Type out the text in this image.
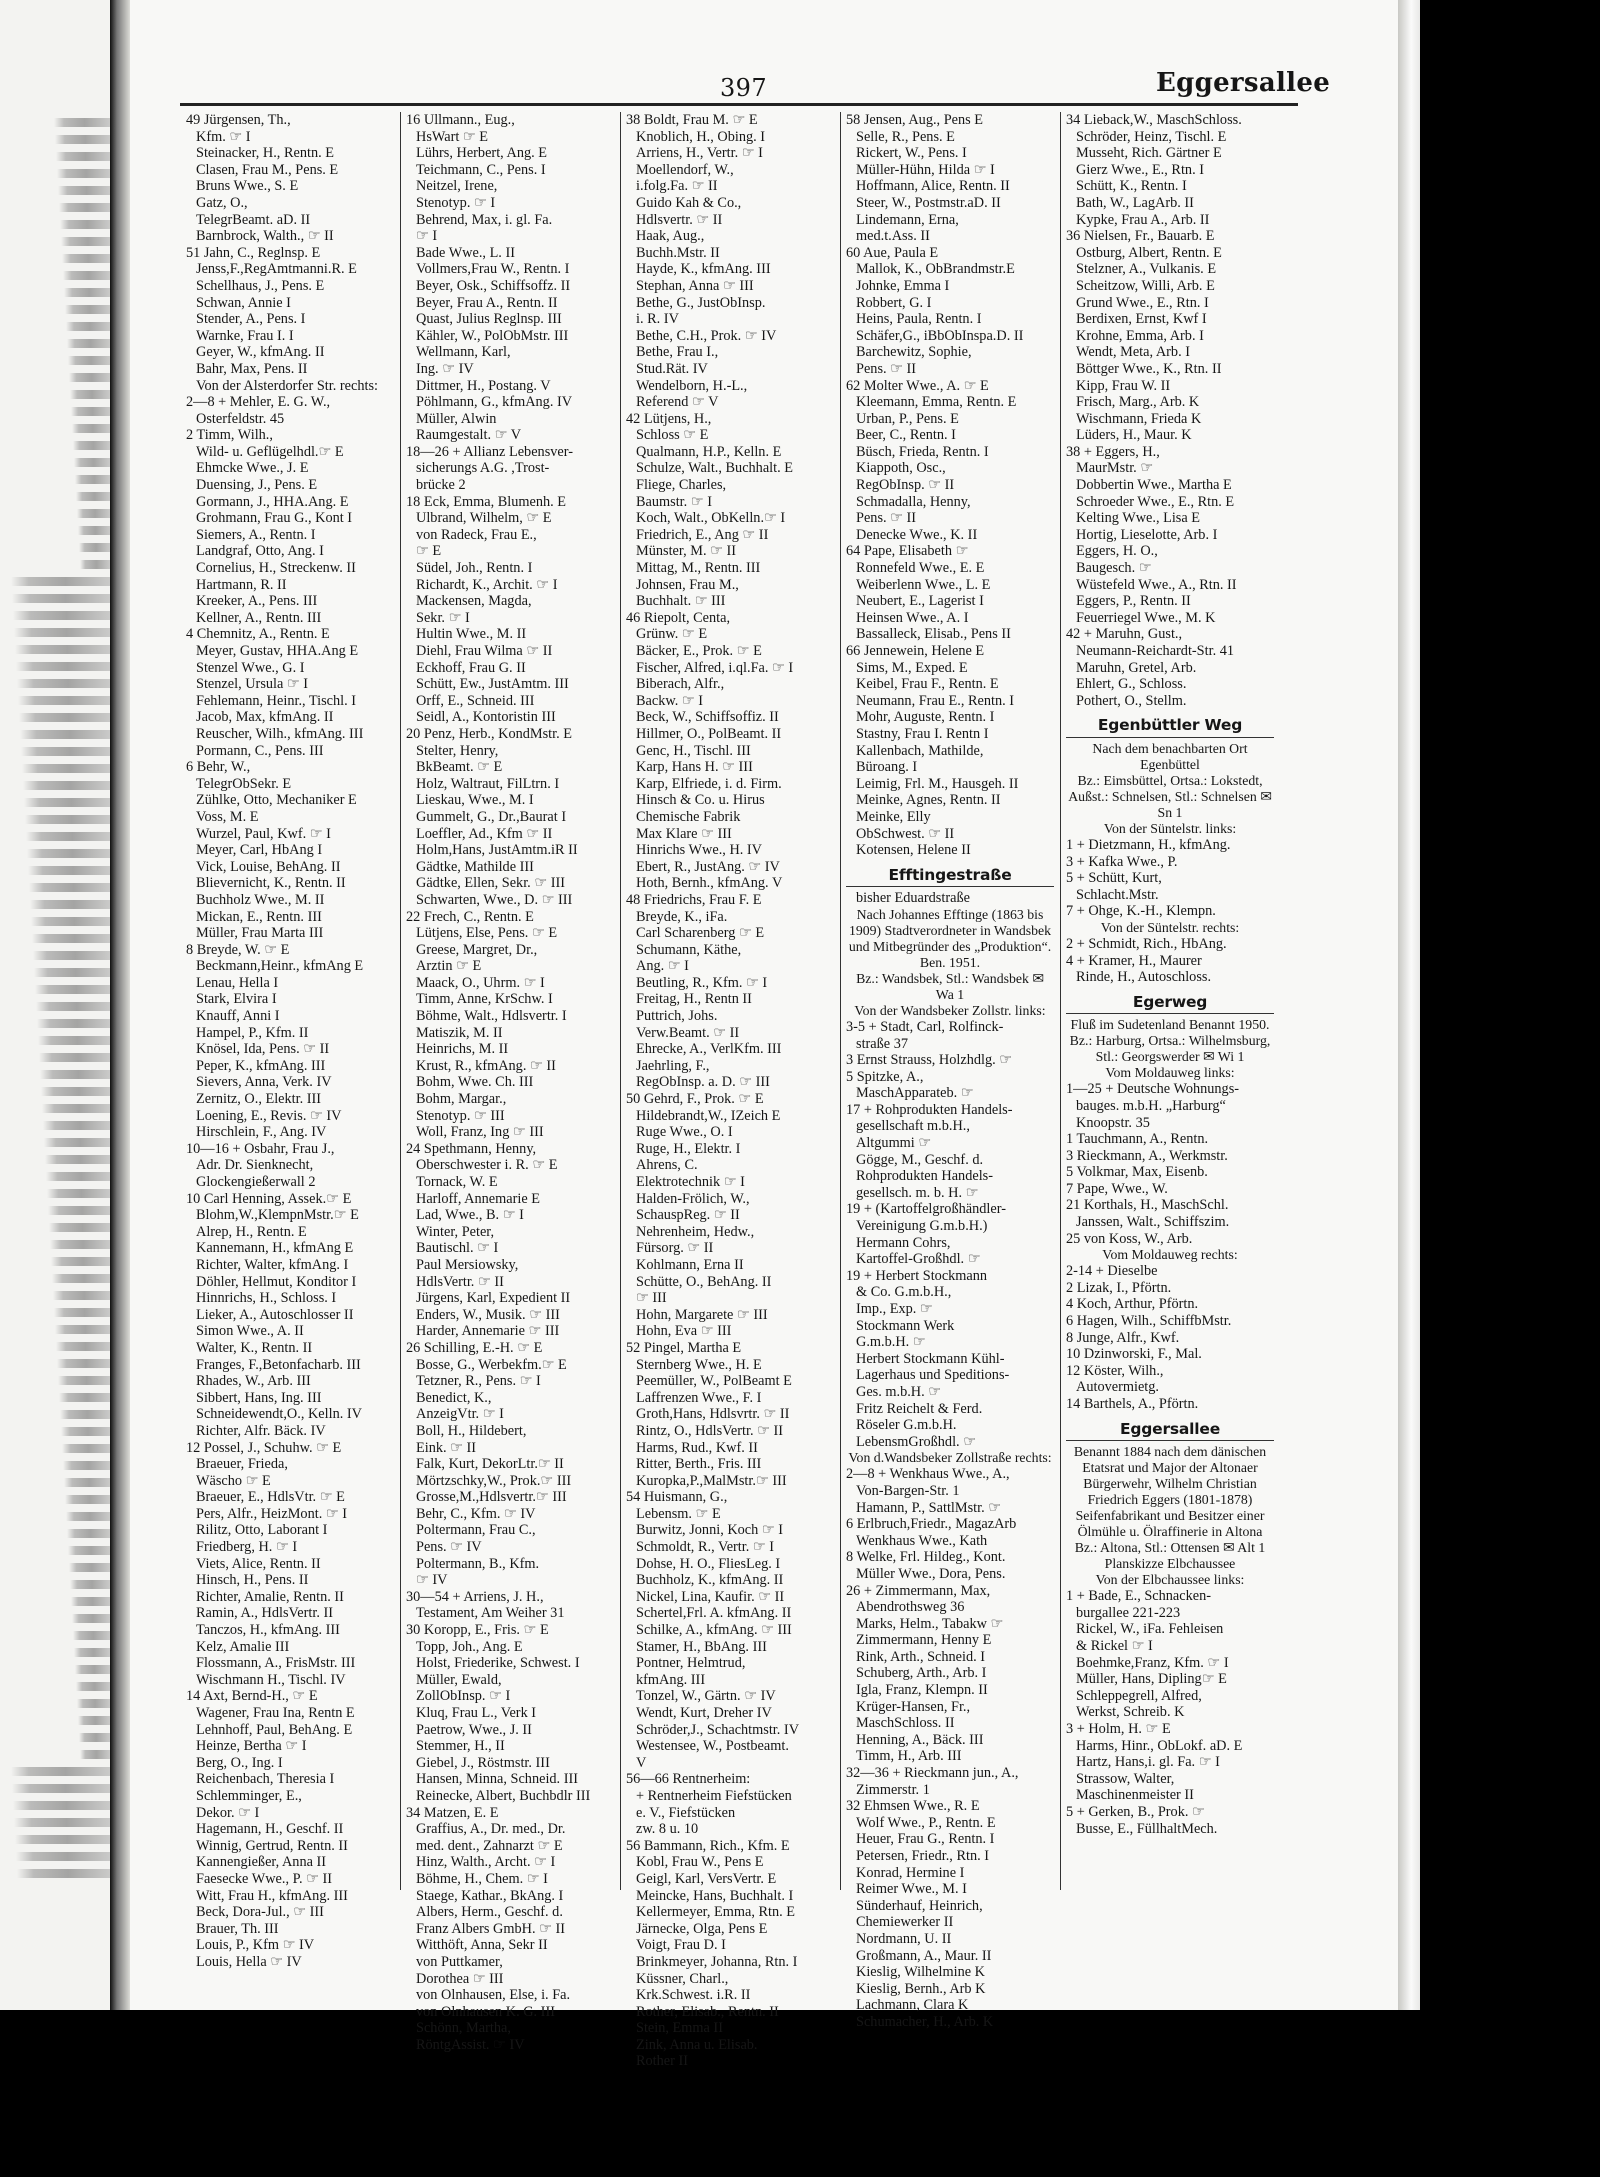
397	Eggersallee
49 Jürgensen, Th.,
Kfm. ☞ I
Steinacker, H., Rentn. E
Clasen, Frau M., Pens. E
Bruns Wwe., S. E
Gatz, O.,
TelegrBeamt. aD. II
Barnbrock, Walth., ☞ II
51 Jahn, C., Reglnsp. E
Jenss,F.,RegAmtmanni.R. E
Schellhaus, J., Pens. E
Schwan, Annie I
Stender, A., Pens. I
Warnke, Frau I. I
Geyer, W., kfmAng. II
Bahr, Max, Pens. II
Von der Alsterdorfer Str. rechts:
2—8 + Mehler, E. G. W.,
Osterfeldstr. 45
2 Timm, Wilh.,
Wild- u. Geflügelhdl.☞ E
Ehmcke Wwe., J. E
Duensing, J., Pens. E
Gormann, J., HHA.Ang. E
Grohmann, Frau G., Kont I
Siemers, A., Rentn. I
Landgraf, Otto, Ang. I
Cornelius, H., Streckenw. II
Hartmann, R. II
Kreeker, A., Pens. III
Kellner, A., Rentn. III
4 Chemnitz, A., Rentn. E
Meyer, Gustav, HHA.Ang E
Stenzel Wwe., G. I
Stenzel, Ursula ☞ I
Fehlemann, Heinr., Tischl. I
Jacob, Max, kfmAng. II
Reuscher, Wilh., kfmAng. III
Pormann, C., Pens. III
6 Behr, W.,
TelegrObSekr. E
Zühlke, Otto, Mechaniker E
Voss, M. E
Wurzel, Paul, Kwf. ☞ I
Meyer, Carl, HbAng I
Vick, Louise, BehAng. II
Blievernicht, K., Rentn. II
Buchholz Wwe., M. II
Mickan, E., Rentn. III
Müller, Frau Marta III
8 Breyde, W. ☞ E
Beckmann,Heinr., kfmAng E
Lenau, Hella I
Stark, Elvira I
Knauff, Anni I
Hampel, P., Kfm. II
Knösel, Ida, Pens. ☞ II
Peper, K., kfmAng. III
Sievers, Anna, Verk. IV
Zernitz, O., Elektr. III
Loening, E., Revis. ☞ IV
Hirschlein, F., Ang. IV
10—16 + Osbahr, Frau J.,
Adr. Dr. Sienknecht,
Glockengießerwall 2
10 Carl Henning, Assek.☞ E
Blohm,W.,KlempnMstr.☞ E
Alrep, H., Rentn. E
Kannemann, H., kfmAng E
Richter, Walter, kfmAng. I
Döhler, Hellmut, Konditor I
Hinnrichs, H., Schloss. I
Lieker, A., Autoschlosser II
Simon Wwe., A. II
Walter, K., Rentn. II
Franges, F.,Betonfacharb. III
Rhades, W., Arb. III
Sibbert, Hans, Ing. III
Schneidewendt,O., Kelln. IV
Richter, Alfr. Bäck. IV
12 Possel, J., Schuhw. ☞ E
Braeuer, Frieda,
Wäscho ☞ E
Braeuer, E., HdlsVtr. ☞ E
Pers, Alfr., HeizMont. ☞ I
Rilitz, Otto, Laborant I
Friedberg, H. ☞ I
Viets, Alice, Rentn. II
Hinsch, H., Pens. II
Richter, Amalie, Rentn. II
Ramin, A., HdlsVertr. II
Tanczos, H., kfmAng. III
Kelz, Amalie III
Flossmann, A., FrisMstr. III
Wischmann H., Tischl. IV
14 Axt, Bernd-H., ☞ E
Wagener, Frau Ina, Rentn E
Lehnhoff, Paul, BehAng. E
Heinze, Bertha ☞ I
Berg, O., Ing. I
Reichenbach, Theresia I
Schlemminger, E.,
Dekor. ☞ I
Hagemann, H., Geschf. II
Winnig, Gertrud, Rentn. II
Kannengießer, Anna II
Faesecke Wwe., P. ☞ II
Witt, Frau H., kfmAng. III
Beck, Dora-Jul., ☞ III
Brauer, Th. III
Louis, P., Kfm ☞ IV
Louis, Hella ☞ IV
16 Ullmann., Eug.,
HsWart ☞ E
Lührs, Herbert, Ang. E
Teichmann, C., Pens. I
Neitzel, Irene,
Stenotyp. ☞ I
Behrend, Max, i. gl. Fa.
☞ I
Bade Wwe., L. II
Vollmers,Frau W., Rentn. I
Beyer, Osk., Schiffsoffz. II
Beyer, Frau A., Rentn. II
Quast, Julius Reglnsp. III
Kähler, W., PolObMstr. III
Wellmann, Karl,
Ing. ☞ IV
Dittmer, H., Postang. V
Pöhlmann, G., kfmAng. IV
Müller, Alwin
Raumgestalt. ☞ V
18—26 + Allianz Lebensver-
sicherungs A.G. ,Trost-
brücke 2
18 Eck, Emma, Blumenh. E
Ulbrand, Wilhelm, ☞ E
von Radeck, Frau E.,
☞ E
Südel, Joh., Rentn. I
Richardt, K., Archit. ☞ I
Mackensen, Magda,
Sekr. ☞ I
Hultin Wwe., M. II
Diehl, Frau Wilma ☞ II
Eckhoff, Frau G. II
Schütt, Ew., JustAmtm. III
Orff, E., Schneid. III
Seidl, A., Kontoristin III
20 Penz, Herb., KondMstr. E
Stelter, Henry,
BkBeamt. ☞ E
Holz, Waltraut, FilLtrn. I
Lieskau, Wwe., M. I
Gummelt, G., Dr.,Baurat I
Loeffler, Ad., Kfm ☞ II
Holm,Hans, JustAmtm.iR II
Gädtke, Mathilde III
Gädtke, Ellen, Sekr. ☞ III
Schwarten, Wwe., D. ☞ III
22 Frech, C., Rentn. E
Lütjens, Else, Pens. ☞ E
Greese, Margret, Dr.,
Arztin ☞ E
Maack, O., Uhrm. ☞ I
Timm, Anne, KrSchw. I
Böhme, Walt., Hdlsvertr. I
Matiszik, M. II
Heinrichs, M. II
Krust, R., kfmAng. ☞ II
Bohm, Wwe. Ch. III
Bohm, Margar.,
Stenotyp. ☞ III
Woll, Franz, Ing ☞ III
24 Spethmann, Henny,
Oberschwester i. R. ☞ E
Tornack, W. E
Harloff, Annemarie E
Lad, Wwe., B. ☞ I
Winter, Peter,
Bautischl. ☞ I
Paul Mersiowsky,
HdlsVertr. ☞ II
Jürgens, Karl, Expedient II
Enders, W., Musik. ☞ III
Harder, Annemarie ☞ III
26 Schilling, E.-H. ☞ E
Bosse, G., Werbekfm.☞ E
Tetzner, R., Pens. ☞ I
Benedict, K.,
AnzeigVtr. ☞ I
Boll, H., Hildebert,
Eink. ☞ II
Falk, Kurt, DekorLtr.☞ II
Mörtzschky,W., Prok.☞ III
Grosse,M.,Hdlsvertr.☞ III
Behr, C., Kfm. ☞ IV
Poltermann, Frau C.,
Pens. ☞ IV
Poltermann, B., Kfm.
☞ IV
30—54 + Arriens, J. H.,
Testament, Am Weiher 31
30 Koropp, E., Fris. ☞ E
Topp, Joh., Ang. E
Holst, Friederike, Schwest. I
Müller, Ewald,
ZollObInsp. ☞ I
Kluq, Frau L., Verk I
Paetrow, Wwe., J. II
Stemmer, H., II
Giebel, J., Röstmstr. III
Hansen, Minna, Schneid. III
Reinecke, Albert, Buchbdlr III
34 Matzen, E. E
Graffius, A., Dr. med., Dr.
med. dent., Zahnarzt ☞ E
Hinz, Walth., Archt. ☞ I
Böhme, H., Chem. ☞ I
Staege, Kathar., BkAng. I
Albers, Herm., Geschf. d.
Franz Albers GmbH. ☞ II
Witthöft, Anna, Sekr II
von Puttkamer,
Dorothea ☞ III
von Olnhausen, Else, i. Fa.
von Olnhausen K. G. III
Schönn, Martha,
RöntgAssist. ☞ IV
38 Boldt, Frau M. ☞ E
Knoblich, H., Obing. I
Arriens, H., Vertr. ☞ I
Moellendorf, W.,
i.folg.Fa. ☞ II
Guido Kah & Co.,
Hdlsvertr. ☞ II
Haak, Aug.,
Buchh.Mstr. II
Hayde, K., kfmAng. III
Stephan, Anna ☞ III
Bethe, G., JustObInsp.
i. R. IV
Bethe, C.H., Prok. ☞ IV
Bethe, Frau I.,
Stud.Rät. IV
Wendelborn, H.-L.,
Referend ☞ V
42 Lütjens, H.,
Schloss ☞ E
Qualmann, H.P., Kelln. E
Schulze, Walt., Buchhalt. E
Fliege, Charles,
Baumstr. ☞ I
Koch, Walt., ObKelln.☞ I
Friedrich, E., Ang ☞ II
Münster, M. ☞ II
Mittag, M., Rentn. III
Johnsen, Frau M.,
Buchhalt. ☞ III
46 Riepolt, Centa,
Grünw. ☞ E
Bäcker, E., Prok. ☞ E
Fischer, Alfred, i.ql.Fa. ☞ I
Biberach, Alfr.,
Backw. ☞ I
Beck, W., Schiffsoffiz. II
Hillmer, O., PolBeamt. II
Genc, H., Tischl. III
Karp, Hans H. ☞ III
Karp, Elfriede, i. d. Firm.
Hinsch & Co. u. Hirus
Chemische Fabrik
Max Klare ☞ III
Hinrichs Wwe., H. IV
Ebert, R., JustAng. ☞ IV
Hoth, Bernh., kfmAng. V
48 Friedrichs, Frau F. E
Breyde, K., iFa.
Carl Scharenberg ☞ E
Schumann, Käthe,
Ang. ☞ I
Beutling, R., Kfm. ☞ I
Freitag, H., Rentn II
Puttrich, Johs.
Verw.Beamt. ☞ II
Ehrecke, A., VerlKfm. III
Jaehrling, F.,
RegObInsp. a. D. ☞ III
50 Gehrd, F., Prok. ☞ E
Hildebrandt,W., IZeich E
Ruge Wwe., O. I
Ruge, H., Elektr. I
Ahrens, C.
Elektrotechnik ☞ I
Halden-Frölich, W.,
SchauspReg. ☞ II
Nehrenheim, Hedw.,
Fürsorg. ☞ II
Kohlmann, Erna II
Schütte, O., BehAng. II
☞ III
Hohn, Margarete ☞ III
Hohn, Eva ☞ III
52 Pingel, Martha E
Sternberg Wwe., H. E
Peemüller, W., PolBeamt E
Laffrenzen Wwe., F. I
Groth,Hans, Hdlsvrtr. ☞ II
Rintz, O., HdlsVertr. ☞ II
Harms, Rud., Kwf. II
Ritter, Berth., Fris. III
Kuropka,P.,MalMstr.☞ III
54 Huismann, G.,
Lebensm. ☞ E
Burwitz, Jonni, Koch ☞ I
Schmoldt, R., Vertr. ☞ I
Dohse, H. O., FliesLeg. I
Buchholz, K., kfmAng. II
Nickel, Lina, Kaufir. ☞ II
Schertel,Frl. A. kfmAng. II
Schilke, A., kfmAng. ☞ III
Stamer, H., BbAng. III
Pontner, Helmtrud,
kfmAng. III
Tonzel, W., Gärtn. ☞ IV
Wendt, Kurt, Dreher IV
Schröder,J., Schachtmstr. IV
Westensee, W., Postbeamt.
V
56—66 Rentnerheim:
+ Rentnerheim Fiefstücken
e. V., Fiefstücken
zw. 8 u. 10
56 Bammann, Rich., Kfm. E
Kobl, Frau W., Pens E
Geigl, Karl, VersVertr. E
Meincke, Hans, Buchhalt. I
Kellermeyer, Emma, Rtn. E
Järnecke, Olga, Pens E
Voigt, Frau D. I
Brinkmeyer, Johanna, Rtn. I
Küssner, Charl.,
Krk.Schwest. i.R. II
Rother, Elisab., Rentn. II
Stein, Emma II
Zink, Anna u. Elisab.
Rother II
58 Jensen, Aug., Pens E
Selle, R., Pens. E
Rickert, W., Pens. I
Müller-Hühn, Hilda ☞ I
Hoffmann, Alice, Rentn. II
Steer, W., Postmstr.aD. II
Lindemann, Erna,
med.t.Ass. II
60 Aue, Paula E
Mallok, K., ObBrandmstr.E
Johnke, Emma I
Robbert, G. I
Heins, Paula, Rentn. I
Schäfer,G., iBbObInspa.D. II
Barchewitz, Sophie,
Pens. ☞ II
62 Molter Wwe., A. ☞ E
Kleemann, Emma, Rentn. E
Urban, P., Pens. E
Beer, C., Rentn. I
Büsch, Frieda, Rentn. I
Kiappoth, Osc.,
RegObInsp. ☞ II
Schmadalla, Henny,
Pens. ☞ II
Denecke Wwe., K. II
64 Pape, Elisabeth ☞
Ronnefeld Wwe., E. E
Weiberlenn Wwe., L. E
Neubert, E., Lagerist I
Heinsen Wwe., A. I
Bassalleck, Elisab., Pens II
66 Jennewein, Helene E
Sims, M., Exped. E
Keibel, Frau F., Rentn. E
Neumann, Frau E., Rentn. I
Mohr, Auguste, Rentn. I
Stastny, Frau I. Rentn I
Kallenbach, Mathilde,
Büroang. I
Leimig, Frl. M., Hausgeh. II
Meinke, Agnes, Rentn. II
Meinke, Elly
ObSchwest. ☞ II
Kotensen, Helene II
Efftingestraße
bisher Eduardstraße
Nach Johannes Efftinge (1863 bis 1909) Stadtverordneter in Wandsbek und Mitbegründer des „Produktion“. Ben. 1951.
Bz.: Wandsbek, Stl.: Wandsbek ✉ Wa 1
Von der Wandsbeker Zollstr. links:
3-5 + Stadt, Carl, Rolfinck-
straße 37
3 Ernst Strauss, Holzhdlg. ☞
5 Spitzke, A.,
MaschApparateb. ☞
17 + Rohprodukten Handels-
gesellschaft m.b.H.,
Altgummi ☞
Gögge, M., Geschf. d.
Rohprodukten Handels-
gesellsch. m. b. H. ☞
19 + (Kartoffelgroßhändler-
Vereinigung G.m.b.H.)
Hermann Cohrs,
Kartoffel-Großhdl. ☞
19 + Herbert Stockmann
& Co. G.m.b.H.,
Imp., Exp. ☞
Stockmann Werk
G.m.b.H. ☞
Herbert Stockmann Kühl-
Lagerhaus und Speditions-
Ges. m.b.H. ☞
Fritz Reichelt & Ferd.
Röseler G.m.b.H.
LebensmGroßhdl. ☞
Von d.Wandsbeker Zollstraße rechts:
2—8 + Wenkhaus Wwe., A.,
Von-Bargen-Str. 1
Hamann, P., SattlMstr. ☞
6 Erlbruch,Friedr., MagazArb
Wenkhaus Wwe., Kath
8 Welke, Frl. Hildeg., Kont.
Müller Wwe., Dora, Pens.
26 + Zimmermann, Max,
Abendrothsweg 36
Marks, Helm., Tabakw ☞
Zimmermann, Henny E
Rink, Arth., Schneid. I
Schuberg, Arth., Arb. I
Igla, Franz, Klempn. II
Krüger-Hansen, Fr.,
MaschSchloss. II
Henning, A., Bäck. III
Timm, H., Arb. III
32—36 + Rieckmann jun., A.,
Zimmerstr. 1
32 Ehmsen Wwe., R. E
Wolf Wwe., P., Rentn. E
Heuer, Frau G., Rentn. I
Petersen, Friedr., Rtn. I
Konrad, Hermine I
Reimer Wwe., M. I
Sünderhauf, Heinrich,
Chemiewerker II
Nordmann, U. II
Großmann, A., Maur. II
Kieslig, Wilhelmine K
Kieslig, Bernh., Arb K
Lachmann, Clara K
Schumacher, H., Arb. K
34 Lieback,W., MaschSchloss.
Schröder, Heinz, Tischl. E
Musseht, Rich. Gärtner E
Gierz Wwe., E., Rtn. I
Schütt, K., Rentn. I
Bath, W., LagArb. II
Kypke, Frau A., Arb. II
36 Nielsen, Fr., Bauarb. E
Ostburg, Albert, Rentn. E
Stelzner, A., Vulkanis. E
Scheitzow, Willi, Arb. E
Grund Wwe., E., Rtn. I
Berdixen, Ernst, Kwf I
Krohne, Emma, Arb. I
Wendt, Meta, Arb. I
Böttger Wwe., K., Rtn. II
Kipp, Frau W. II
Frisch, Marg., Arb. K
Wischmann, Frieda K
Lüders, H., Maur. K
38 + Eggers, H.,
MaurMstr. ☞
Dobbertin Wwe., Martha E
Schroeder Wwe., E., Rtn. E
Kelting Wwe., Lisa E
Hortig, Lieselotte, Arb. I
Eggers, H. O.,
Baugesch. ☞
Wüstefeld Wwe., A., Rtn. II
Eggers, P., Rentn. II
Feuerriegel Wwe., M. K
42 + Maruhn, Gust.,
Neumann-Reichardt-Str. 41
Maruhn, Gretel, Arb.
Ehlert, G., Schloss.
Pothert, O., Stellm.
Egenbüttler Weg
Nach dem benachbarten Ort Egenbüttel
Bz.: Eimsbüttel, Ortsa.: Lokstedt, Außst.: Schnelsen, Stl.: Schnelsen ✉ Sn 1
Von der Süntelstr. links:
1 + Dietzmann, H., kfmAng.
3 + Kafka Wwe., P.
5 + Schütt, Kurt,
Schlacht.Mstr.
7 + Ohge, K.-H., Klempn.
Von der Süntelstr. rechts:
2 + Schmidt, Rich., HbAng.
4 + Kramer, H., Maurer
Rinde, H., Autoschloss.
Egerweg
Fluß im Sudetenland Benannt 1950.
Bz.: Harburg, Ortsa.: Wilhelmsburg, Stl.: Georgswerder ✉ Wi 1
Vom Moldauweg links:
1—25 + Deutsche Wohnungs-
bauges. m.b.H. „Harburg“
Knoopstr. 35
1 Tauchmann, A., Rentn.
3 Rieckmann, A., Werkmstr.
5 Volkmar, Max, Eisenb.
7 Pape, Wwe., W.
21 Korthals, H., MaschSchl.
Janssen, Walt., Schiffszim.
25 von Koss, W., Arb.
Vom Moldauweg rechts:
2-14 + Dieselbe
2 Lizak, I., Pförtn.
4 Koch, Arthur, Pförtn.
6 Hagen, Wilh., SchiffbMstr.
8 Junge, Alfr., Kwf.
10 Dzinworski, F., Mal.
12 Köster, Wilh.,
Autovermietg.
14 Barthels, A., Pförtn.
Eggersallee
Benannt 1884 nach dem dänischen Etatsrat und Major der Altonaer Bürgerwehr, Wilhelm Christian Friedrich Eggers (1801-1878) Seifenfabrikant und Besitzer einer Ölmühle u. Ölraffinerie in Altona
Bz.: Altona, Stl.: Ottensen ✉ Alt 1
Planskizze Elbchaussee
Von der Elbchaussee links:
1 + Bade, E., Schnacken-
burgallee 221-223
Rickel, W., iFa. Fehleisen
& Rickel ☞ I
Boehmke,Franz, Kfm. ☞ I
Müller, Hans, Dipling☞ E
Schleppegrell, Alfred,
Werkst, Schreib. K
3 + Holm, H. ☞ E
Harms, Hinr., ObLokf. aD. E
Hartz, Hans,i. gl. Fa. ☞ I
Strassow, Walter,
Maschinenmeister II
5 + Gerken, B., Prok. ☞
Busse, E., FüllhaltMech.
